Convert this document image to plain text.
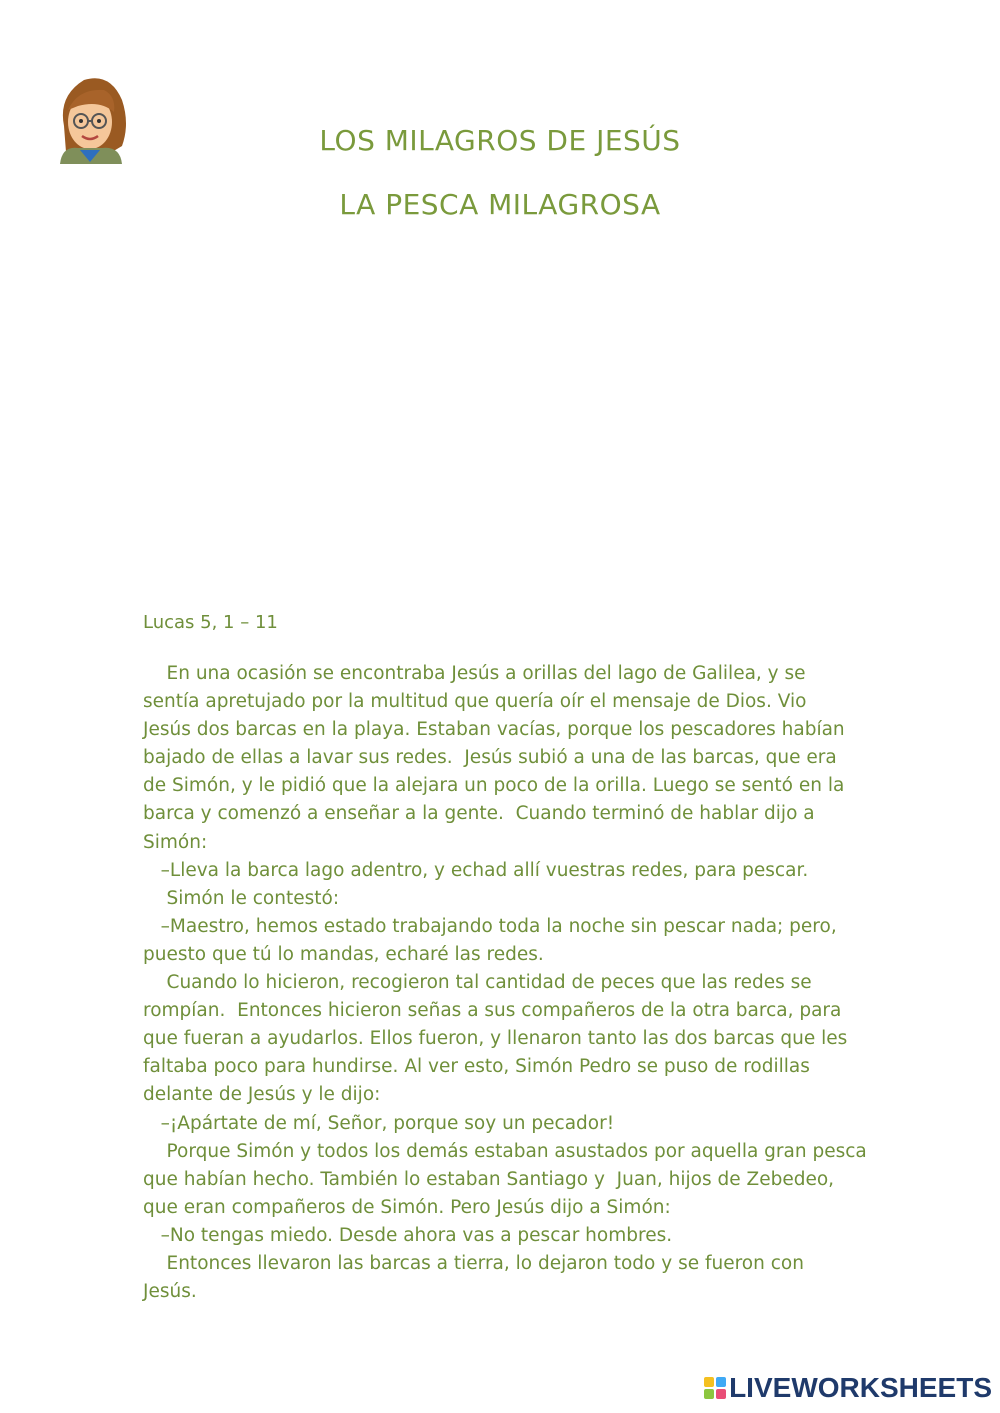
LOS MILAGROS DE JESÚS
LA PESCA MILAGROSA

Lucas 5, 1 – 11

En una ocasión se encontraba Jesús a orillas del lago de Galilea, y se
sentía apretujado por la multitud que quería oír el mensaje de Dios. Vio
Jesús dos barcas en la playa. Estaban vacías, porque los pescadores habían
bajado de ellas a lavar sus redes.  Jesús subió a una de las barcas, que era
de Simón, y le pidió que la alejara un poco de la orilla. Luego se sentó en la
barca y comenzó a enseñar a la gente.  Cuando terminó de hablar dijo a
Simón:
–Lleva la barca lago adentro, y echad allí vuestras redes, para pescar.
Simón le contestó:
–Maestro, hemos estado trabajando toda la noche sin pescar nada; pero,
puesto que tú lo mandas, echaré las redes.
Cuando lo hicieron, recogieron tal cantidad de peces que las redes se
rompían.  Entonces hicieron señas a sus compañeros de la otra barca, para
que fueran a ayudarlos. Ellos fueron, y llenaron tanto las dos barcas que les
faltaba poco para hundirse. Al ver esto, Simón Pedro se puso de rodillas
delante de Jesús y le dijo:
–¡Apártate de mí, Señor, porque soy un pecador!
Porque Simón y todos los demás estaban asustados por aquella gran pesca
que habían hecho. También lo estaban Santiago y  Juan, hijos de Zebedeo,
que eran compañeros de Simón. Pero Jesús dijo a Simón:
–No tengas miedo. Desde ahora vas a pescar hombres.
Entonces llevaron las barcas a tierra, lo dejaron todo y se fueron con
Jesús.
LIVEWORKSHEETS
